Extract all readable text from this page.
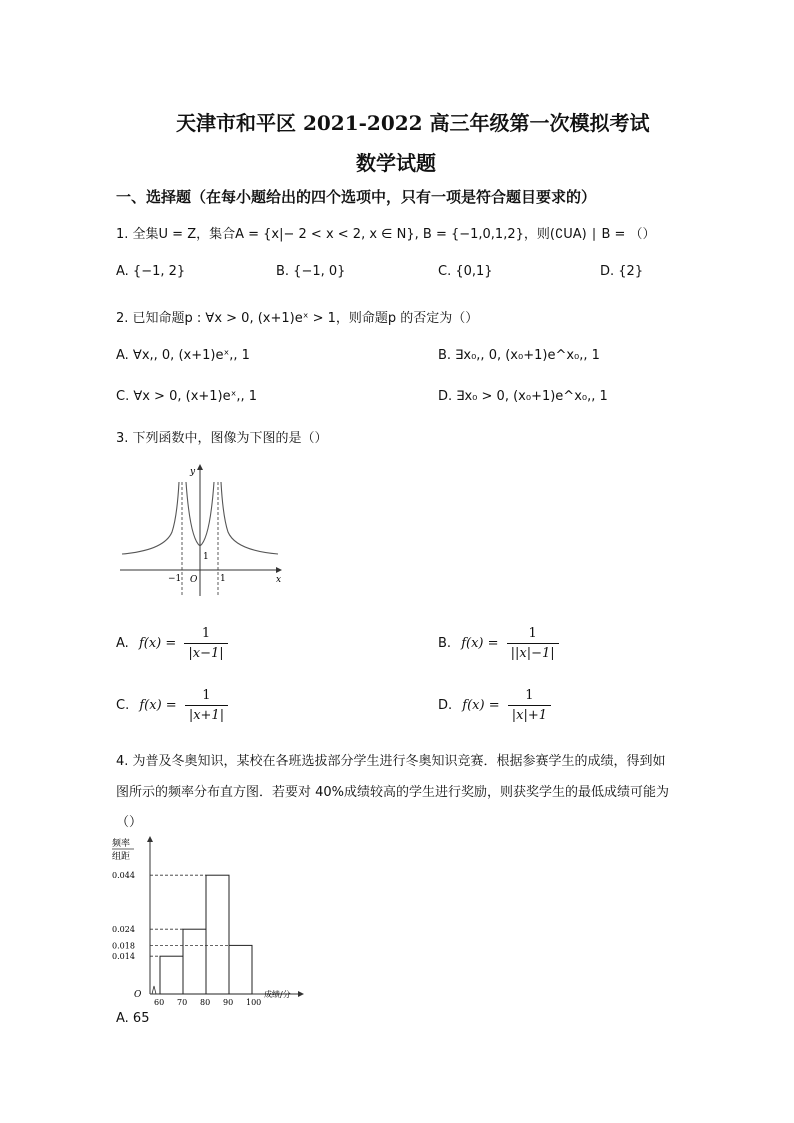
天津市和平区 2021-2022 高三年级第一次模拟考试
数学试题
一、选择题（在每小题给出的四个选项中，只有一项是符合题目要求的）
1. 全集U = Z，集合A = {x|− 2 < x < 2, x ∈ N}, B = {−1,0,1,2}，则(∁UA) ∣ B = （）
A. {−1, 2}	B. {−1, 0}	C. {0,1}	D. {2}
2. 已知命题p : ∀x > 0, (x+1)eˣ > 1，则命题p 的否定为（）
A. ∀x,, 0, (x+1)eˣ,, 1	B. ∃x₀,, 0, (x₀+1)e^x₀,, 1
C. ∀x > 0, (x+1)eˣ,, 1	D. ∃x₀ > 0, (x₀+1)e^x₀,, 1
3. 下列函数中，图像为下图的是（）
y
x
O
−1	1
1
A. $f(x) = \frac{1}{|x-1|}$	B. $f(x) = \frac{1}{||x|-1|}$
C. $f(x) = \frac{1}{|x+1|}$	D. $f(x) = \frac{1}{|x|+1}$
4. 为普及冬奥知识，某校在各班选拔部分学生进行冬奥知识竞赛．根据参赛学生的成绩，得到如
图所示的频率分布直方图．若要对 40%成绩较高的学生进行奖励，则获奖学生的最低成绩可能为
（）
频率
组距
O	成绩/分
0.044
0.024
0.018
0.014
60 70 80 90 100
A. 65
